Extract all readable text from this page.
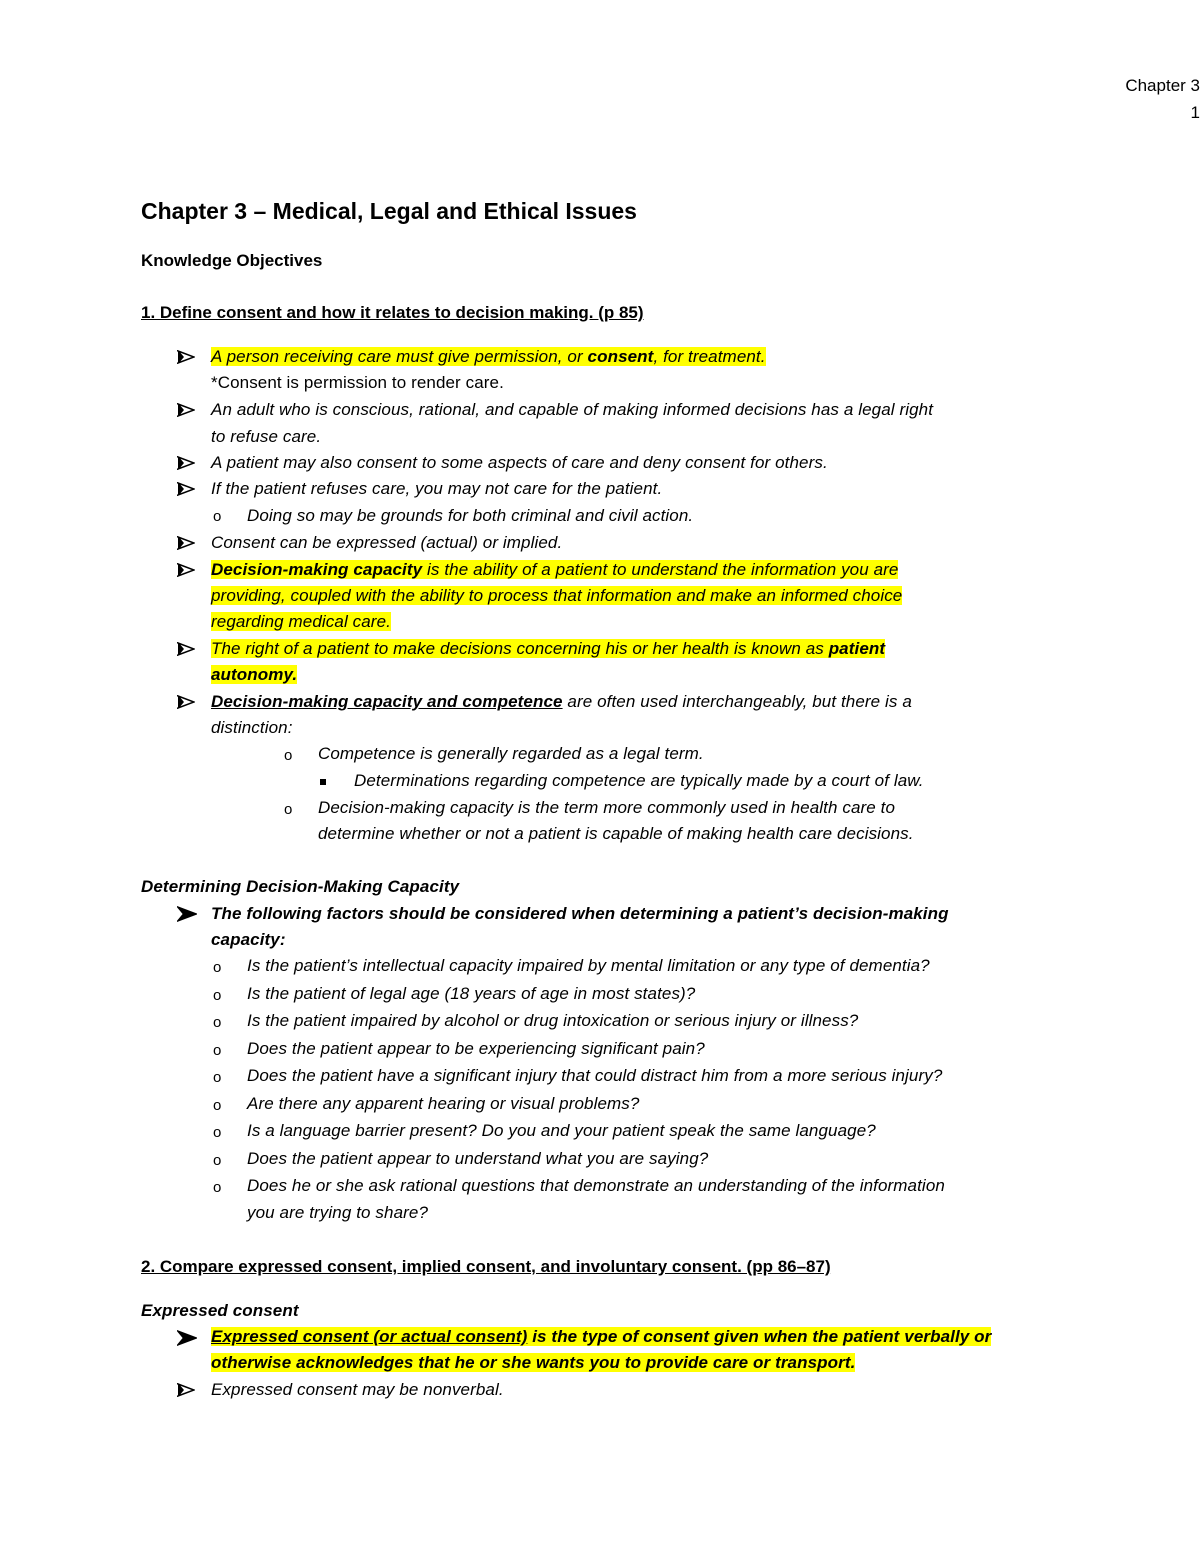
Chapter 3
1
Chapter 3 – Medical, Legal and Ethical Issues
Knowledge Objectives
1. Define consent and how it relates to decision making. (p 85)
A person receiving care must give permission, or consent, for treatment.
*Consent is permission to render care.
An adult who is conscious, rational, and capable of making informed decisions has a legal right
to refuse care.
A patient may also consent to some aspects of care and deny consent for others.
If the patient refuses care, you may not care for the patient.
o Doing so may be grounds for both criminal and civil action.
Consent can be expressed (actual) or implied.
Decision-making capacity is the ability of a patient to understand the information you are
providing, coupled with the ability to process that information and make an informed choice
regarding medical care.
The right of a patient to make decisions concerning his or her health is known as patient
autonomy.
Decision-making capacity and competence are often used interchangeably, but there is a
distinction:
o Competence is generally regarded as a legal term.
Determinations regarding competence are typically made by a court of law.
o Decision-making capacity is the term more commonly used in health care to
determine whether or not a patient is capable of making health care decisions.
Determining Decision-Making Capacity
The following factors should be considered when determining a patient’s decision-making
capacity:
o Is the patient’s intellectual capacity impaired by mental limitation or any type of dementia?
o Is the patient of legal age (18 years of age in most states)?
o Is the patient impaired by alcohol or drug intoxication or serious injury or illness?
o Does the patient appear to be experiencing significant pain?
o Does the patient have a significant injury that could distract him from a more serious injury?
o Are there any apparent hearing or visual problems?
o Is a language barrier present? Do you and your patient speak the same language?
o Does the patient appear to understand what you are saying?
o Does he or she ask rational questions that demonstrate an understanding of the information
you are trying to share?
2. Compare expressed consent, implied consent, and involuntary consent. (pp 86–87)
Expressed consent
Expressed consent (or actual consent) is the type of consent given when the patient verbally or
otherwise acknowledges that he or she wants you to provide care or transport.
Expressed consent may be nonverbal.
